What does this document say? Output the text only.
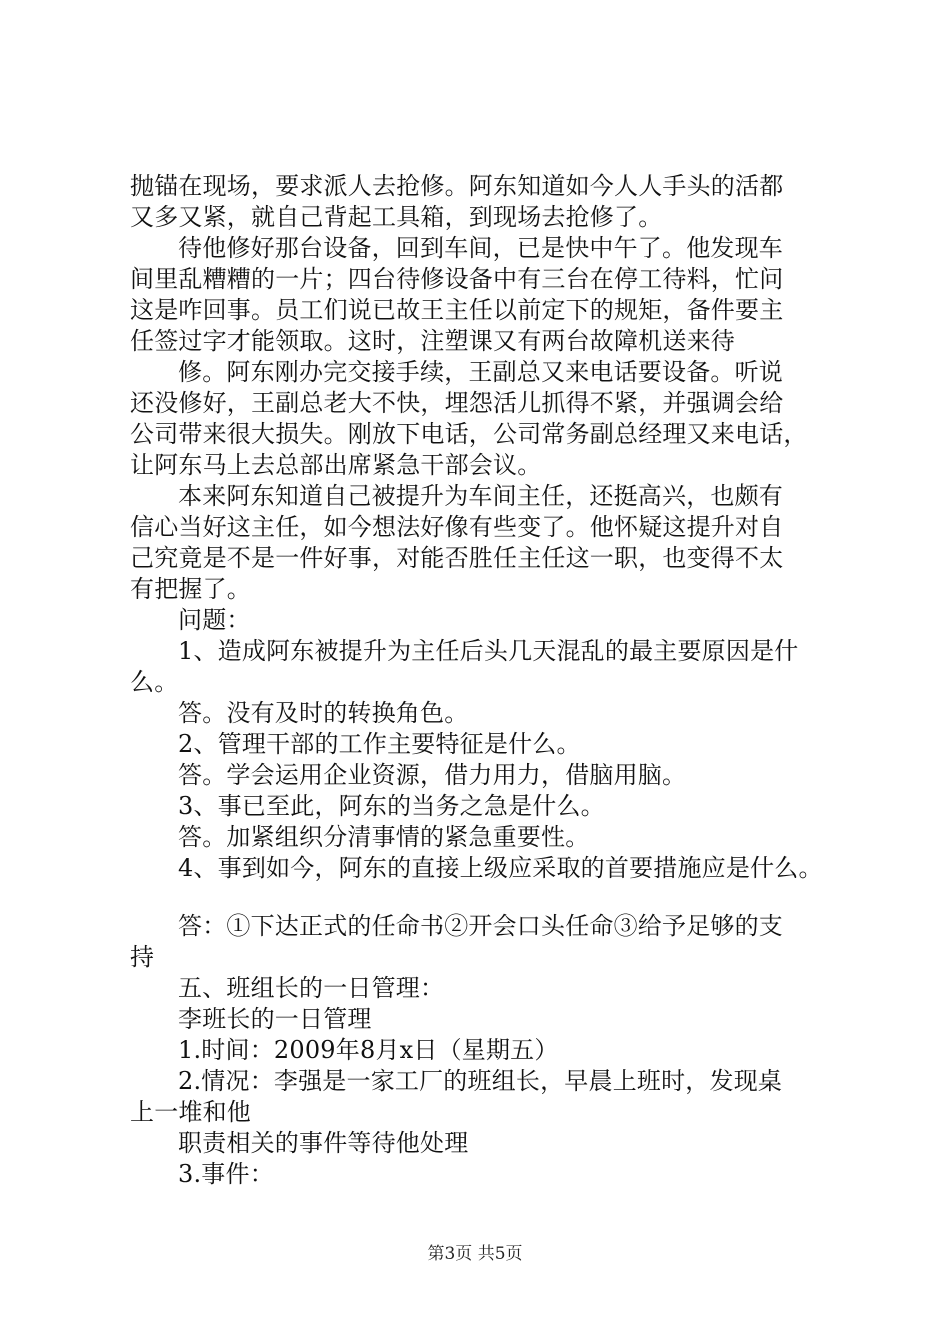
抛锚在现场，要求派人去抢修。阿东知道如今人人手头的活都
又多又紧，就自己背起工具箱，到现场去抢修了。
待他修好那台设备，回到车间，已是快中午了。他发现车
间里乱糟糟的一片；四台待修设备中有三台在停工待料，忙问
这是咋回事。员工们说已故王主任以前定下的规矩，备件要主
任签过字才能领取。这时，注塑课又有两台故障机送来待
修。阿东刚办完交接手续，王副总又来电话要设备。听说
还没修好，王副总老大不快，埋怨活儿抓得不紧，并强调会给
公司带来很大损失。刚放下电话，公司常务副总经理又来电话，
让阿东马上去总部出席紧急干部会议。
本来阿东知道自己被提升为车间主任，还挺高兴，也颇有
信心当好这主任，如今想法好像有些变了。他怀疑这提升对自
己究竟是不是一件好事，对能否胜任主任这一职，也变得不太
有把握了。
问题：
1、造成阿东被提升为主任后头几天混乱的最主要原因是什
么。
答。没有及时的转换角色。
2、管理干部的工作主要特征是什么。
答。学会运用企业资源，借力用力，借脑用脑。
3、事已至此，阿东的当务之急是什么。
答。加紧组织分清事情的紧急重要性。
4、事到如今，阿东的直接上级应采取的首要措施应是什么。
答：①下达正式的任命书②开会口头任命③给予足够的支
持
五、班组长的一日管理：
李班长的一日管理
1.时间：2009年8月x日（星期五）
2.情况：李强是一家工厂的班组长，早晨上班时，发现桌
上一堆和他
职责相关的事件等待他处理
3.事件：
第3页 共5页
